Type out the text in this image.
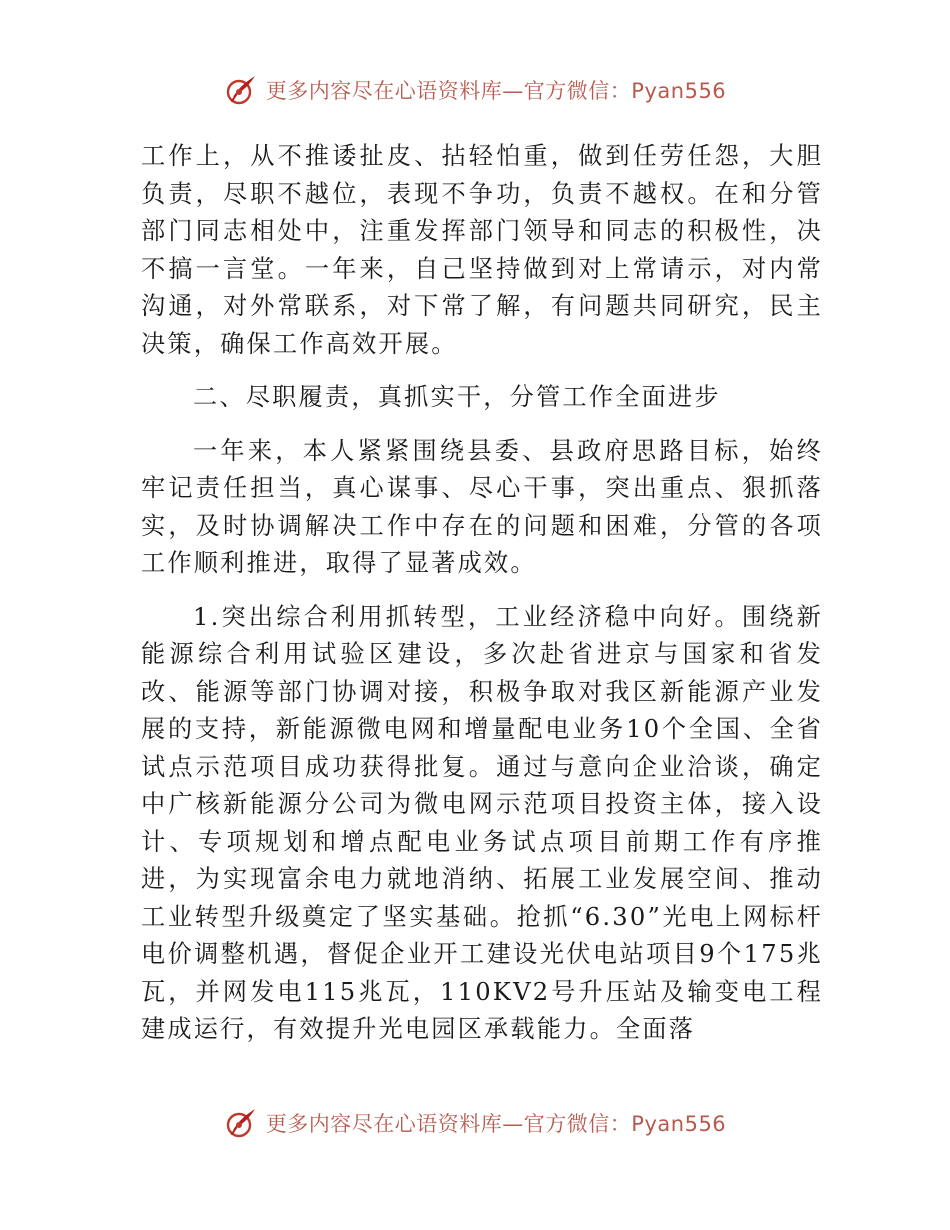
更多内容尽在心语资料库—官方微信：Pyan556

工作上，从不推诿扯皮、拈轻怕重，做到任劳任怨，大胆负责，尽职不越位，表现不争功，负责不越权。在和分管部门同志相处中，注重发挥部门领导和同志的积极性，决不搞一言堂。一年来，自己坚持做到对上常请示，对内常沟通，对外常联系，对下常了解，有问题共同研究，民主决策，确保工作高效开展。

二、尽职履责，真抓实干，分管工作全面进步

一年来，本人紧紧围绕县委、县政府思路目标，始终牢记责任担当，真心谋事、尽心干事，突出重点、狠抓落实，及时协调解决工作中存在的问题和困难，分管的各项工作顺利推进，取得了显著成效。

1.突出综合利用抓转型，工业经济稳中向好。围绕新能源综合利用试验区建设，多次赴省进京与国家和省发改、能源等部门协调对接，积极争取对我区新能源产业发展的支持，新能源微电网和增量配电业务10个全国、全省试点示范项目成功获得批复。通过与意向企业洽谈，确定中广核新能源分公司为微电网示范项目投资主体，接入设计、专项规划和增点配电业务试点项目前期工作有序推进，为实现富余电力就地消纳、拓展工业发展空间、推动工业转型升级奠定了坚实基础。抢抓“6.30”光电上网标杆电价调整机遇，督促企业开工建设光伏电站项目9个175兆瓦，并网发电115兆瓦，110KV2号升压站及输变电工程建成运行，有效提升光电园区承载能力。全面落

更多内容尽在心语资料库—官方微信：Pyan556
